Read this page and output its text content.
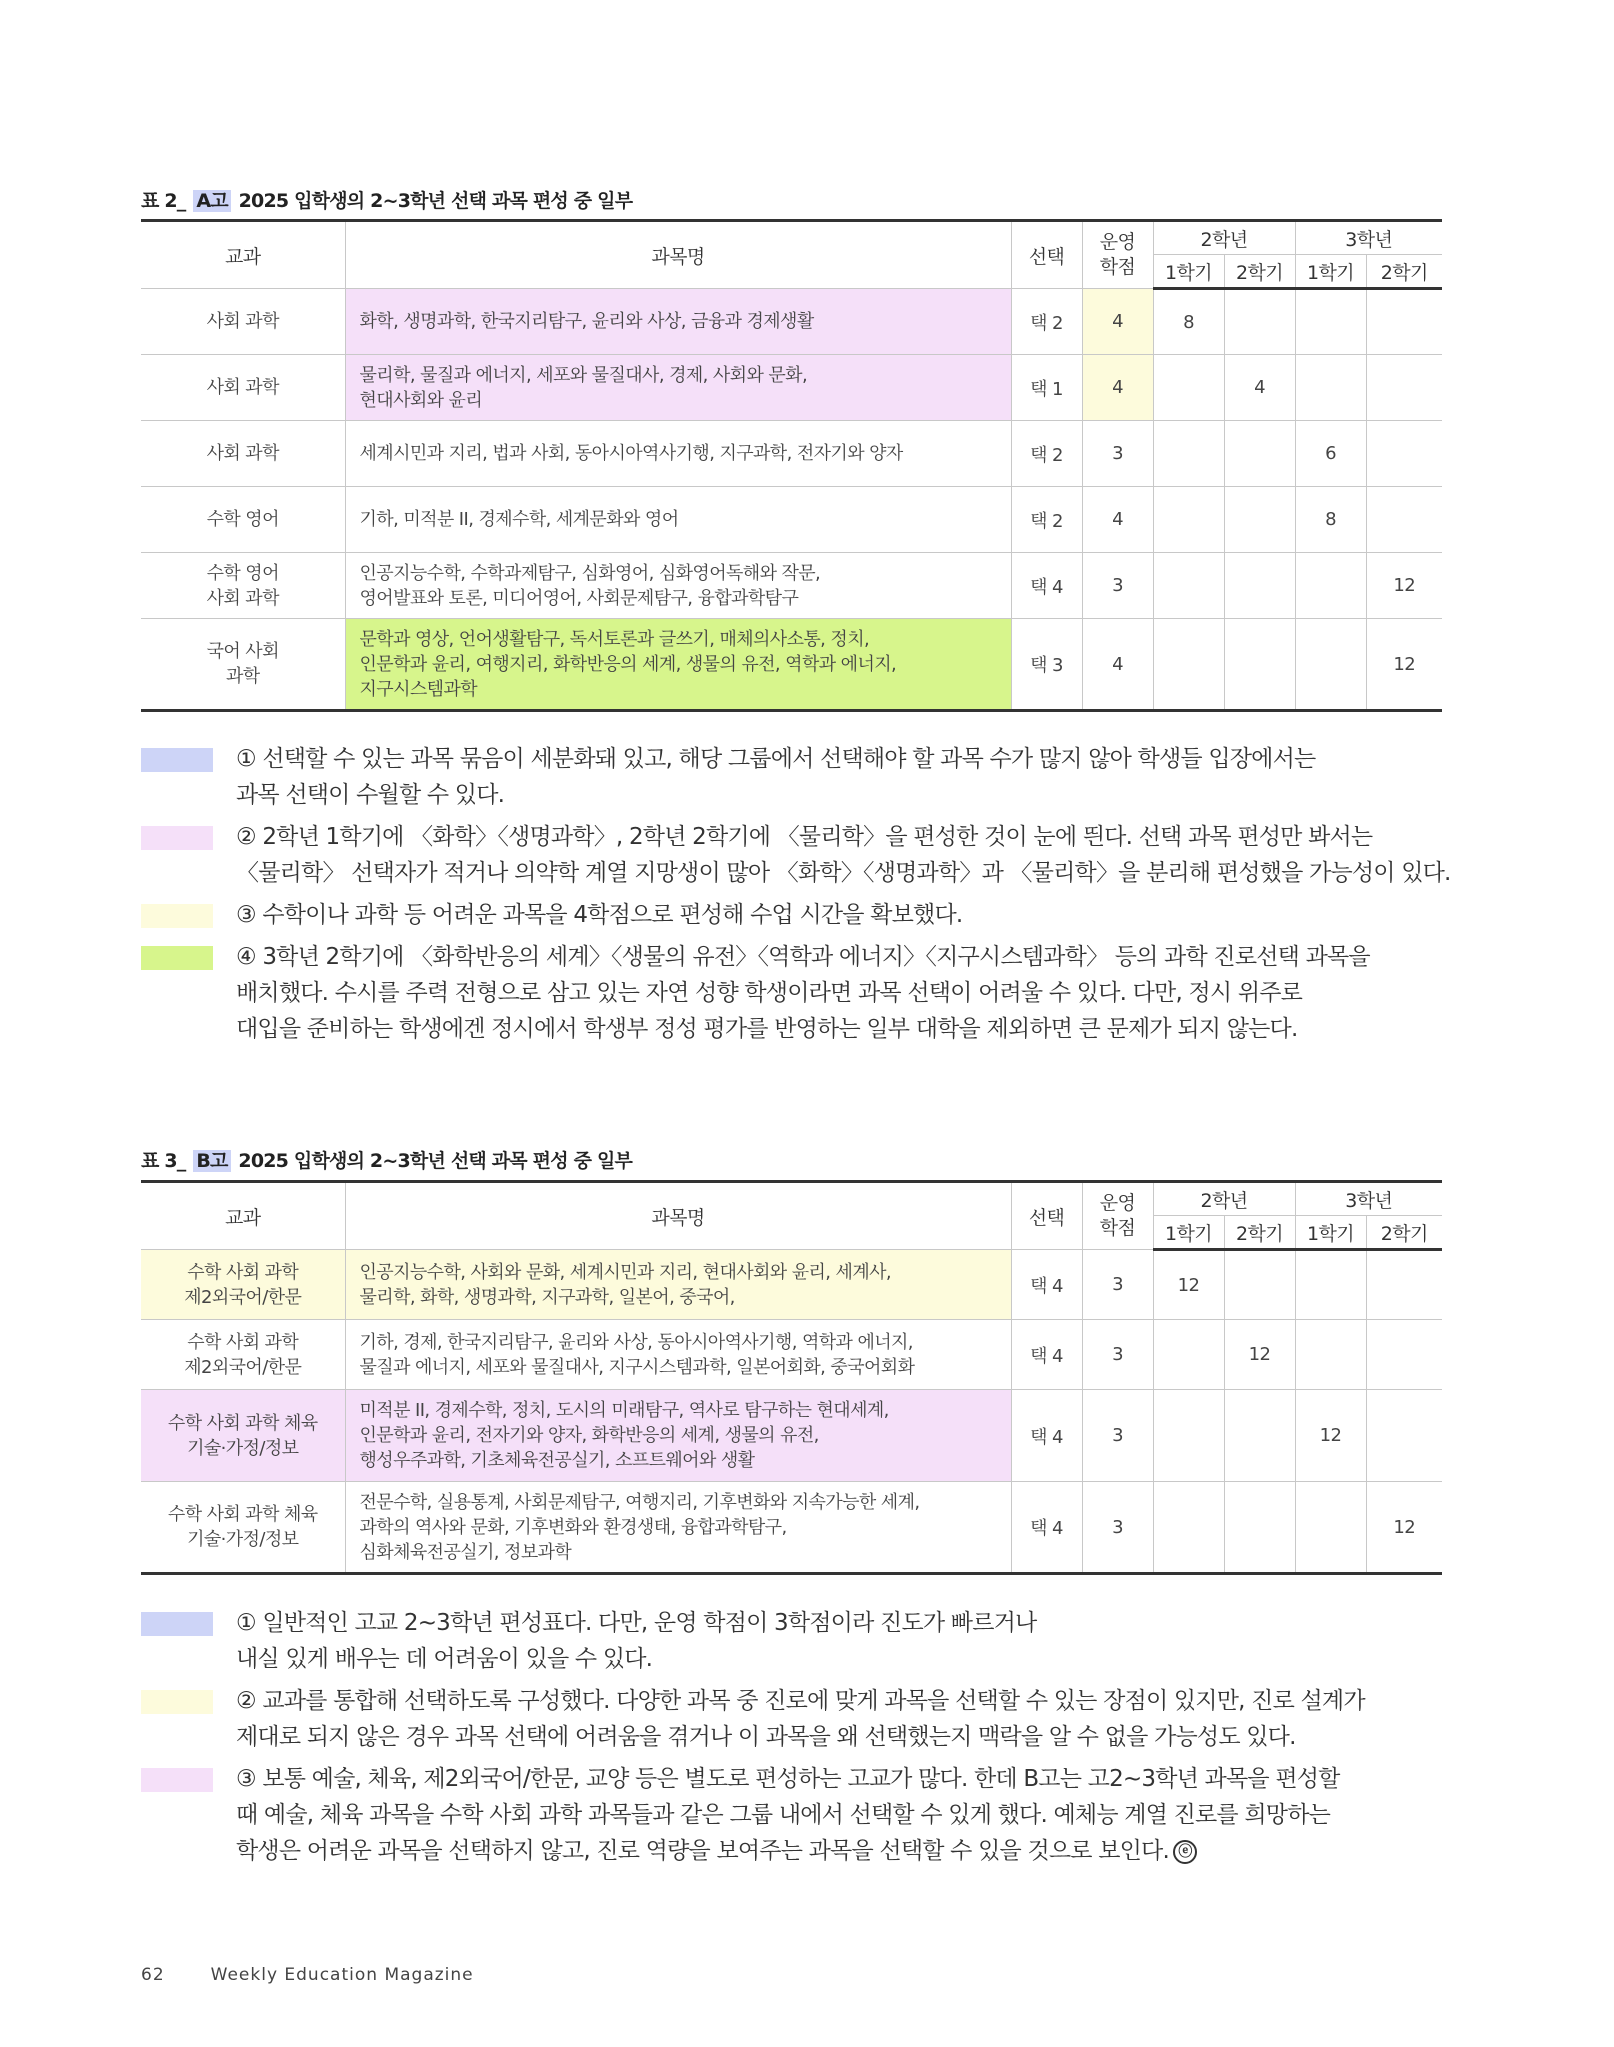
표 2_ A고 2025 입학생의 2~3학년 선택 과목 편성 중 일부
교과	과목명	선택	운영
학점	2학년		3학년	
				1학기	2학기	1학기	2학기
사회 과학	화학, 생명과학, 한국지리탐구, 윤리와 사상, 금융과 경제생활	택 2	4	8			
사회 과학	물리학, 물질과 에너지, 세포와 물질대사, 경제, 사회와 문화,
현대사회와 윤리	택 1	4		4		
사회 과학	세계시민과 지리, 법과 사회, 동아시아역사기행, 지구과학, 전자기와 양자	택 2	3			6	
수학 영어	기하, 미적분 II, 경제수학, 세계문화와 영어	택 2	4			8	
수학 영어
사회 과학	인공지능수학, 수학과제탐구, 심화영어, 심화영어독해와 작문,
영어발표와 토론, 미디어영어, 사회문제탐구, 융합과학탐구	택 4	3				12
국어 사회
과학	문학과 영상, 언어생활탐구, 독서토론과 글쓰기, 매체의사소통, 정치,
인문학과 윤리, 여행지리, 화학반응의 세계, 생물의 유전, 역학과 에너지,
지구시스템과학	택 3	4				12
① 선택할 수 있는 과목 묶음이 세분화돼 있고, 해당 그룹에서 선택해야 할 과목 수가 많지 않아 학생들 입장에서는
과목 선택이 수월할 수 있다.
② 2학년 1학기에 〈화학〉〈생명과학〉, 2학년 2학기에 〈물리학〉을 편성한 것이 눈에 띈다. 선택 과목 편성만 봐서는
〈물리학〉 선택자가 적거나 의약학 계열 지망생이 많아 〈화학〉〈생명과학〉과 〈물리학〉을 분리해 편성했을 가능성이 있다.
③ 수학이나 과학 등 어려운 과목을 4학점으로 편성해 수업 시간을 확보했다.
④ 3학년 2학기에 〈화학반응의 세계〉〈생물의 유전〉〈역학과 에너지〉〈지구시스템과학〉 등의 과학 진로선택 과목을
배치했다. 수시를 주력 전형으로 삼고 있는 자연 성향 학생이라면 과목 선택이 어려울 수 있다. 다만, 정시 위주로
대입을 준비하는 학생에겐 정시에서 학생부 정성 평가를 반영하는 일부 대학을 제외하면 큰 문제가 되지 않는다.
표 3_ B고 2025 입학생의 2~3학년 선택 과목 편성 중 일부
교과	과목명	선택	운영
학점	2학년		3학년	
				1학기	2학기	1학기	2학기
수학 사회 과학
제2외국어/한문	인공지능수학, 사회와 문화, 세계시민과 지리, 현대사회와 윤리, 세계사,
물리학, 화학, 생명과학, 지구과학, 일본어, 중국어,	택 4	3	12			
수학 사회 과학
제2외국어/한문	기하, 경제, 한국지리탐구, 윤리와 사상, 동아시아역사기행, 역학과 에너지,
물질과 에너지, 세포와 물질대사, 지구시스템과학, 일본어회화, 중국어회화	택 4	3		12		
수학 사회 과학 체육
기술·가정/정보	미적분 II, 경제수학, 정치, 도시의 미래탐구, 역사로 탐구하는 현대세계,
인문학과 윤리, 전자기와 양자, 화학반응의 세계, 생물의 유전,
행성우주과학, 기초체육전공실기, 소프트웨어와 생활	택 4	3			12	
수학 사회 과학 체육
기술·가정/정보	전문수학, 실용통계, 사회문제탐구, 여행지리, 기후변화와 지속가능한 세계,
과학의 역사와 문화, 기후변화와 환경생태, 융합과학탐구,
심화체육전공실기, 정보과학	택 4	3				12
① 일반적인 고교 2~3학년 편성표다. 다만, 운영 학점이 3학점이라 진도가 빠르거나
내실 있게 배우는 데 어려움이 있을 수 있다.
② 교과를 통합해 선택하도록 구성했다. 다양한 과목 중 진로에 맞게 과목을 선택할 수 있는 장점이 있지만, 진로 설계가
제대로 되지 않은 경우 과목 선택에 어려움을 겪거나 이 과목을 왜 선택했는지 맥락을 알 수 없을 가능성도 있다.
③ 보통 예술, 체육, 제2외국어/한문, 교양 등은 별도로 편성하는 고교가 많다. 한데 B고는 고2~3학년 과목을 편성할
때 예술, 체육 과목을 수학 사회 과학 과목들과 같은 그룹 내에서 선택할 수 있게 했다. 예체능 계열 진로를 희망하는
학생은 어려운 과목을 선택하지 않고, 진로 역량을 보여주는 과목을 선택할 수 있을 것으로 보인다. ⓔ
62	Weekly Education Magazine
